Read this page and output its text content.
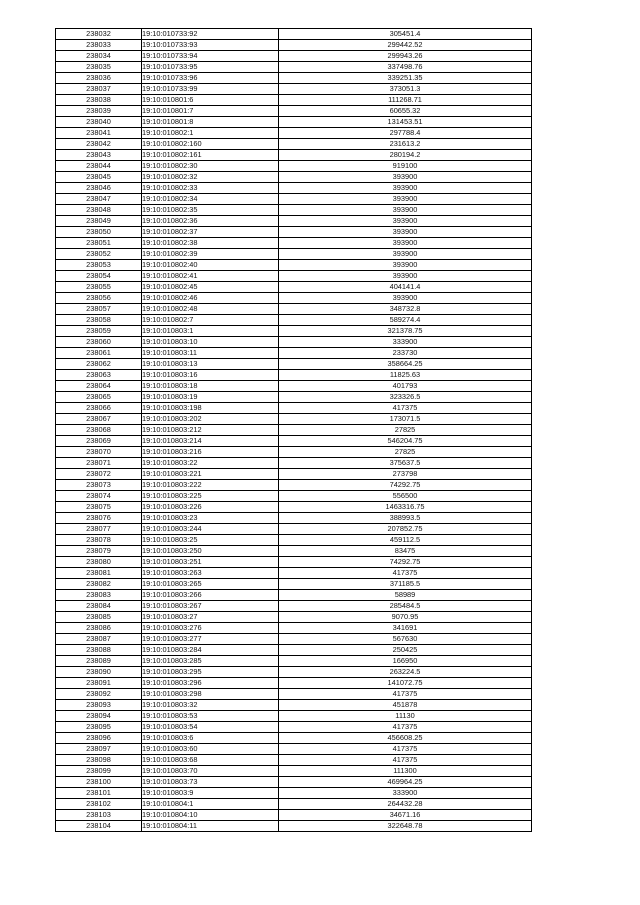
238032	19:10:010733:92	305451.4
238033	19:10:010733:93	299442.52
238034	19:10:010733:94	299943.26
238035	19:10:010733:95	337498.76
238036	19:10:010733:96	339251.35
238037	19:10:010733:99	373051.3
238038	19:10:010801:6	111268.71
238039	19:10:010801:7	60655.32
238040	19:10:010801:8	131453.51
238041	19:10:010802:1	297788.4
238042	19:10:010802:160	231613.2
238043	19:10:010802:161	280194.2
238044	19:10:010802:30	919100
238045	19:10:010802:32	393900
238046	19:10:010802:33	393900
238047	19:10:010802:34	393900
238048	19:10:010802:35	393900
238049	19:10:010802:36	393900
238050	19:10:010802:37	393900
238051	19:10:010802:38	393900
238052	19:10:010802:39	393900
238053	19:10:010802:40	393900
238054	19:10:010802:41	393900
238055	19:10:010802:45	404141.4
238056	19:10:010802:46	393900
238057	19:10:010802:48	348732.8
238058	19:10:010802:7	589274.4
238059	19:10:010803:1	321378.75
238060	19:10:010803:10	333900
238061	19:10:010803:11	233730
238062	19:10:010803:13	358664.25
238063	19:10:010803:16	11825.63
238064	19:10:010803:18	401793
238065	19:10:010803:19	323326.5
238066	19:10:010803:198	417375
238067	19:10:010803:202	173071.5
238068	19:10:010803:212	27825
238069	19:10:010803:214	546204.75
238070	19:10:010803:216	27825
238071	19:10:010803:22	375637.5
238072	19:10:010803:221	273798
238073	19:10:010803:222	74292.75
238074	19:10:010803:225	556500
238075	19:10:010803:226	1463316.75
238076	19:10:010803:23	388993.5
238077	19:10:010803:244	207852.75
238078	19:10:010803:25	459112.5
238079	19:10:010803:250	83475
238080	19:10:010803:251	74292.75
238081	19:10:010803:263	417375
238082	19:10:010803:265	371185.5
238083	19:10:010803:266	58989
238084	19:10:010803:267	285484.5
238085	19:10:010803:27	9070.95
238086	19:10:010803:276	341691
238087	19:10:010803:277	567630
238088	19:10:010803:284	250425
238089	19:10:010803:285	166950
238090	19:10:010803:295	263224.5
238091	19:10:010803:296	141072.75
238092	19:10:010803:298	417375
238093	19:10:010803:32	451878
238094	19:10:010803:53	11130
238095	19:10:010803:54	417375
238096	19:10:010803:6	456608.25
238097	19:10:010803:60	417375
238098	19:10:010803:68	417375
238099	19:10:010803:70	111300
238100	19:10:010803:73	469964.25
238101	19:10:010803:9	333900
238102	19:10:010804:1	264432.28
238103	19:10:010804:10	34671.16
238104	19:10:010804:11	322648.78
